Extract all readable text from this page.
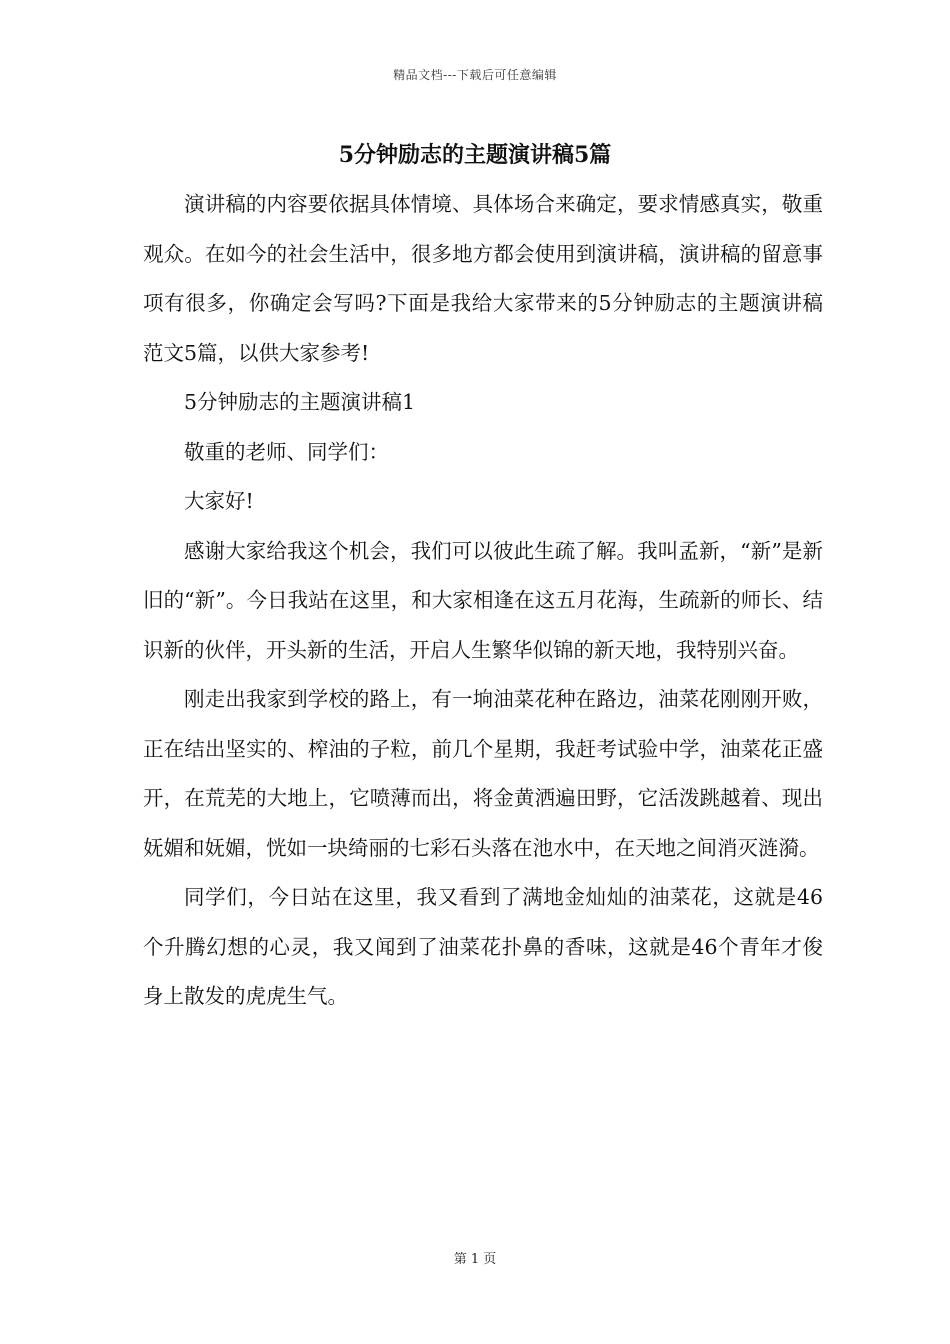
精品文档---下载后可任意编辑
5分钟励志的主题演讲稿5篇

演讲稿的内容要依据具体情境、具体场合来确定，要求情感真实，敬重观众。在如今的社会生活中，很多地方都会使用到演讲稿，演讲稿的留意事项有很多，你确定会写吗?下面是我给大家带来的5分钟励志的主题演讲稿范文5篇，以供大家参考!

5分钟励志的主题演讲稿1

敬重的老师、同学们：

大家好!

感谢大家给我这个机会，我们可以彼此生疏了解。我叫孟新，“新”是新旧的“新”。今日我站在这里，和大家相逢在这五月花海，生疏新的师长、结识新的伙伴，开头新的生活，开启人生繁华似锦的新天地，我特别兴奋。

刚走出我家到学校的路上，有一垧油菜花种在路边，油菜花刚刚开败，正在结出坚实的、榨油的子粒，前几个星期，我赶考试验中学，油菜花正盛开，在荒芜的大地上，它喷薄而出，将金黄洒遍田野，它活泼跳越着、现出妩媚和妩媚，恍如一块绮丽的七彩石头落在池水中，在天地之间消灭涟漪。

同学们，今日站在这里，我又看到了满地金灿灿的油菜花，这就是46个升腾幻想的心灵，我又闻到了油菜花扑鼻的香味，这就是46个青年才俊身上散发的虎虎生气。

第 1 页
